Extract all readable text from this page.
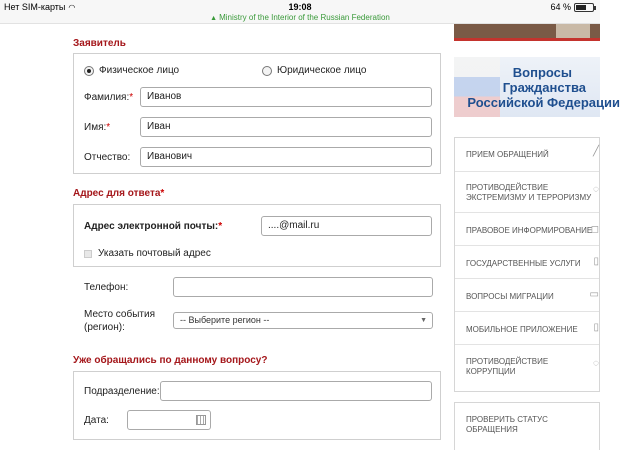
Нет SIM-карты ◠	19:08
▲ Ministry of the Interior of the Russian Federation
64 %
Заявитель
Физическое лицо	Юридическое лицо
Фамилия:*	Иванов
Имя:*	Иван
Отчество:	Иванович
Адрес для ответа*
Адрес электронной почты:*	....@mail.ru
Указать почтовый адрес
Телефон:
Место события
(регион):
-- Выберите регион --	▼
Уже обращались по данному вопросу?
Подразделение:
Дата:
Вопросы
Гражданства
Российской Федерации
ПРИЕМ ОБРАЩЕНИЙ	╱
ПРОТИВОДЕЙСТВИЕ
ЭКСТРЕМИЗМУ И ТЕРРОРИЗМУ
◌
ПРАВОВОЕ ИНФОРМИРОВАНИЕ
◻
ГОСУДАРСТВЕННЫЕ УСЛУГИ	▯
ВОПРОСЫ МИГРАЦИИ	▭
МОБИЛЬНОЕ ПРИЛОЖЕНИЕ	▯
ПРОТИВОДЕЙСТВИЕ
КОРРУПЦИИ
◌
ПРОВЕРИТЬ СТАТУС
ОБРАЩЕНИЯ
